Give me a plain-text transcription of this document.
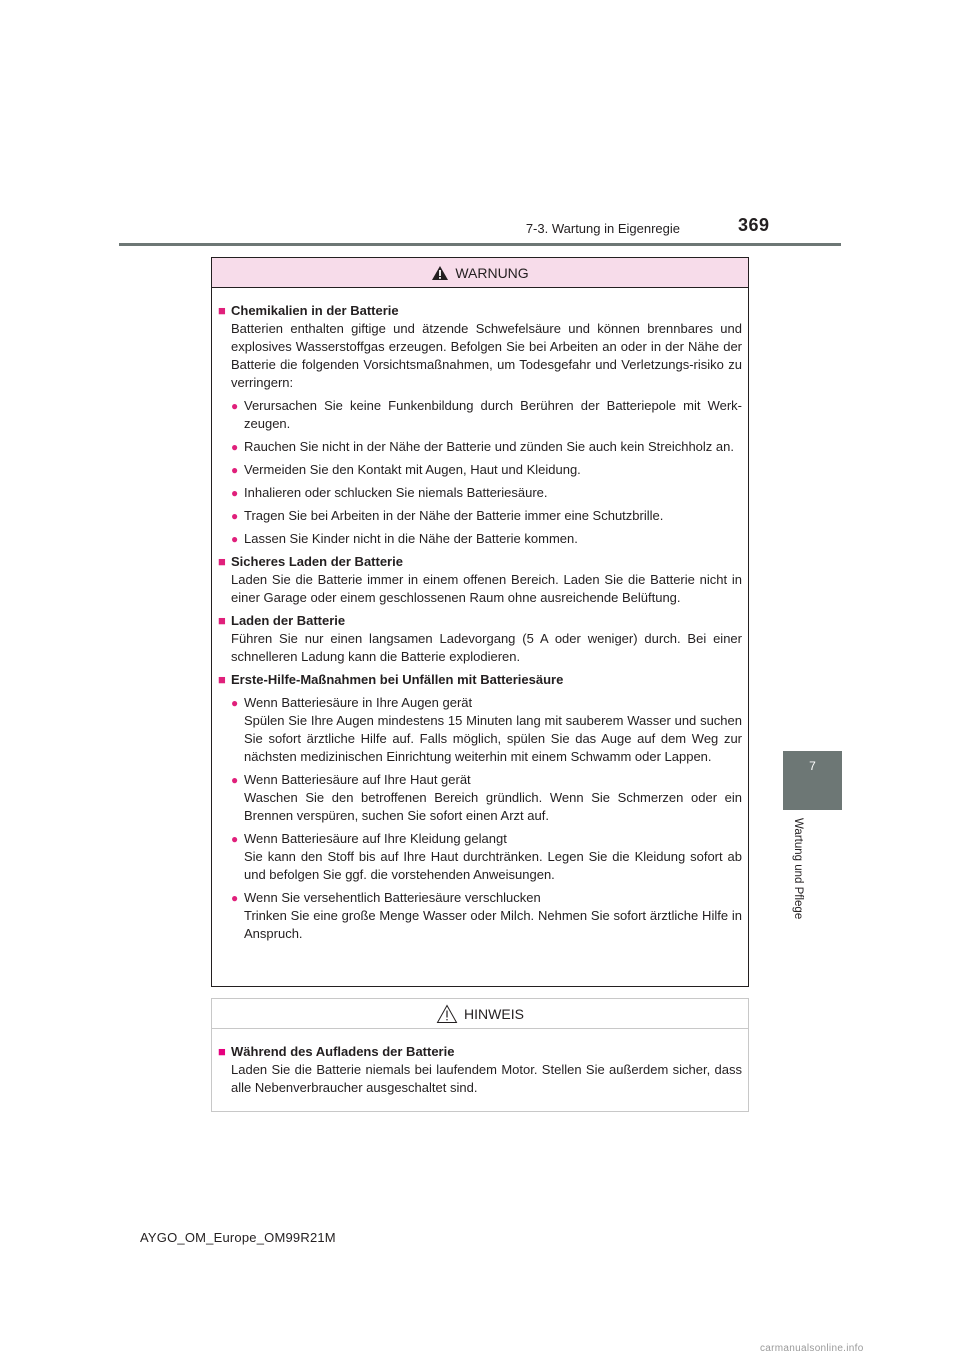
7-3. Wartung in Eigenregie	369
7
Wartung und Pflege
WARNUNG
■ Chemikalien in der Batterie
Batterien enthalten giftige und ätzende Schwefelsäure und können brennbares und explosives Wasserstoffgas erzeugen. Befolgen Sie bei Arbeiten an oder in der Nähe der Batterie die folgenden Vorsichtsmaßnahmen, um Todesgefahr und Verletzungs-risiko zu verringern:
● Verursachen Sie keine Funkenbildung durch Berühren der Batteriepole mit Werk-zeugen.
● Rauchen Sie nicht in der Nähe der Batterie und zünden Sie auch kein Streichholz an.
● Vermeiden Sie den Kontakt mit Augen, Haut und Kleidung.
● Inhalieren oder schlucken Sie niemals Batteriesäure.
● Tragen Sie bei Arbeiten in der Nähe der Batterie immer eine Schutzbrille.
● Lassen Sie Kinder nicht in die Nähe der Batterie kommen.
■ Sicheres Laden der Batterie
Laden Sie die Batterie immer in einem offenen Bereich. Laden Sie die Batterie nicht in einer Garage oder einem geschlossenen Raum ohne ausreichende Belüftung.
■ Laden der Batterie
Führen Sie nur einen langsamen Ladevorgang (5 A oder weniger) durch. Bei einer schnelleren Ladung kann die Batterie explodieren.
■ Erste-Hilfe-Maßnahmen bei Unfällen mit Batteriesäure
● Wenn Batteriesäure in Ihre Augen gerät
Spülen Sie Ihre Augen mindestens 15 Minuten lang mit sauberem Wasser und suchen Sie sofort ärztliche Hilfe auf. Falls möglich, spülen Sie das Auge auf dem Weg zur nächsten medizinischen Einrichtung weiterhin mit einem Schwamm oder Lappen.
● Wenn Batteriesäure auf Ihre Haut gerät
Waschen Sie den betroffenen Bereich gründlich. Wenn Sie Schmerzen oder ein Brennen verspüren, suchen Sie sofort einen Arzt auf.
● Wenn Batteriesäure auf Ihre Kleidung gelangt
Sie kann den Stoff bis auf Ihre Haut durchtränken. Legen Sie die Kleidung sofort ab und befolgen Sie ggf. die vorstehenden Anweisungen.
● Wenn Sie versehentlich Batteriesäure verschlucken
Trinken Sie eine große Menge Wasser oder Milch. Nehmen Sie sofort ärztliche Hilfe in Anspruch.
HINWEIS
■ Während des Aufladens der Batterie
Laden Sie die Batterie niemals bei laufendem Motor. Stellen Sie außerdem sicher, dass alle Nebenverbraucher ausgeschaltet sind.
AYGO_OM_Europe_OM99R21M
carmanualsonline.info
